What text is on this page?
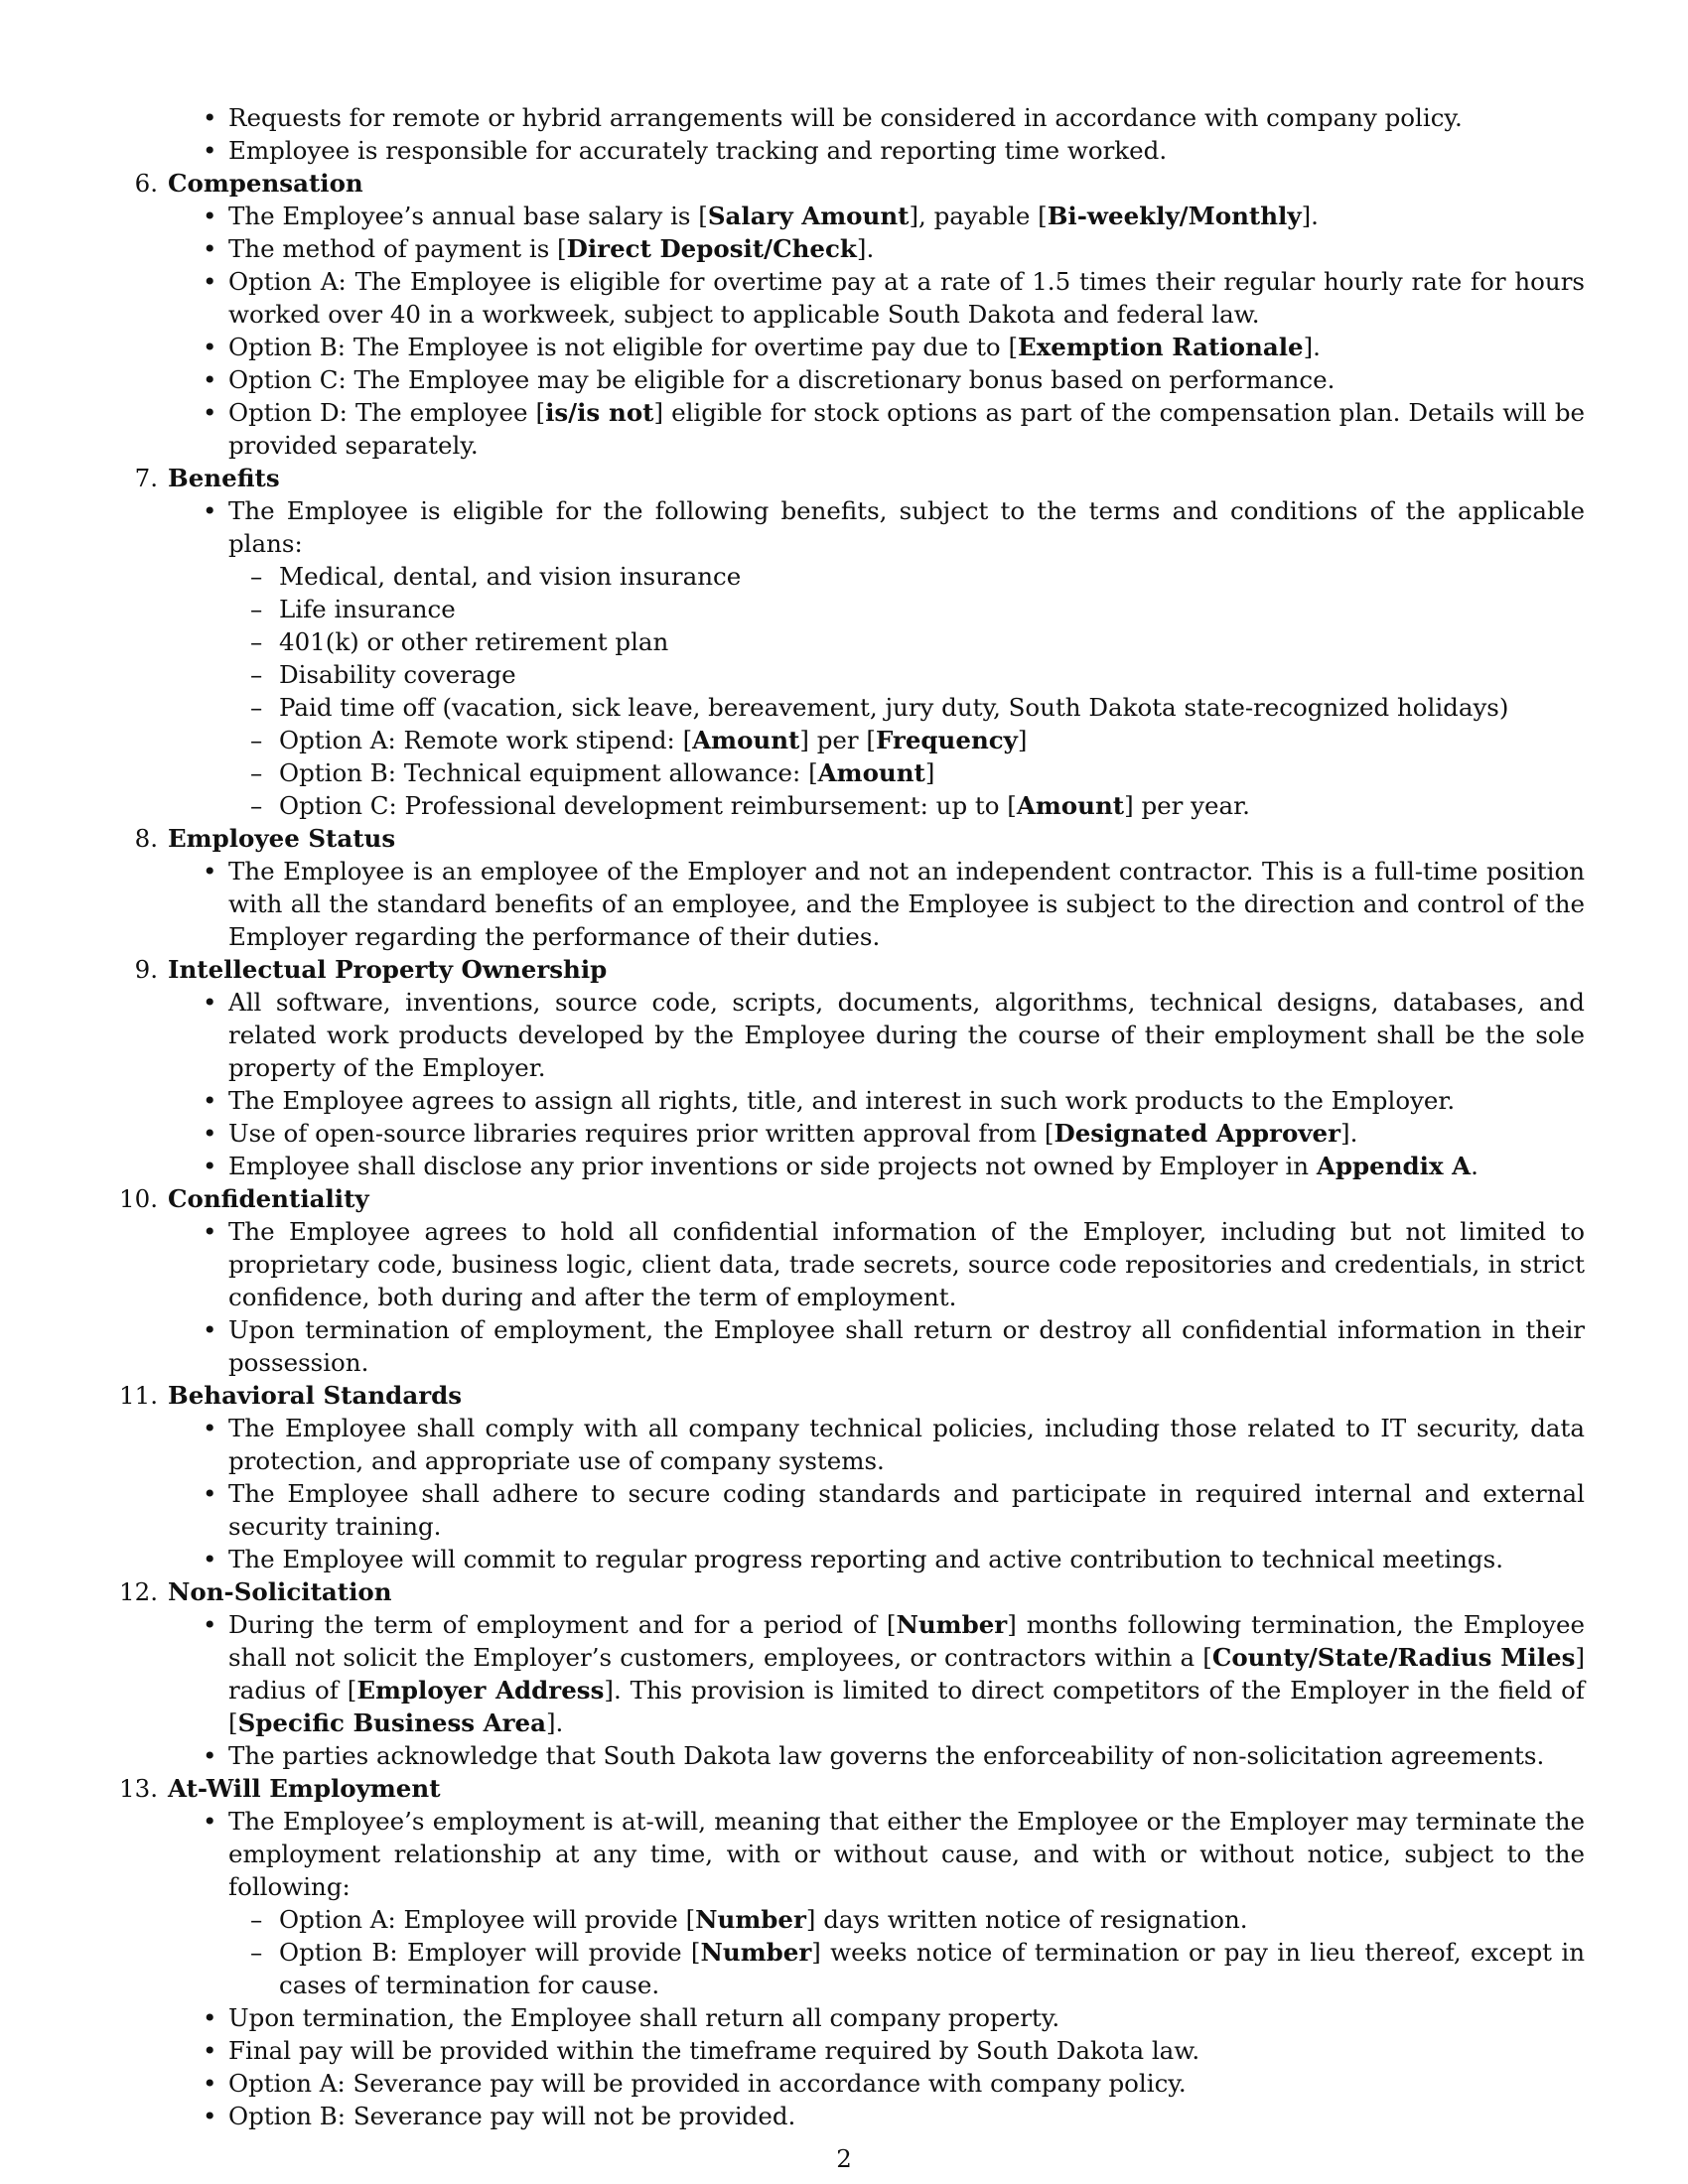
• Requests for remote or hybrid arrangements will be considered in accordance with company policy.
• Employee is responsible for accurately tracking and reporting time worked.
6. Compensation
• The Employee’s annual base salary is [Salary Amount], payable [Bi-weekly/Monthly].
• The method of payment is [Direct Deposit/Check].
• Option A: The Employee is eligible for overtime pay at a rate of 1.5 times their regular hourly rate for hours worked over 40 in a workweek, subject to applicable South Dakota and federal law.
• Option B: The Employee is not eligible for overtime pay due to [Exemption Rationale].
• Option C: The Employee may be eligible for a discretionary bonus based on performance.
• Option D: The employee [is/is not] eligible for stock options as part of the compensation plan. Details will be provided separately.
7. Benefits
• The Employee is eligible for the following benefits, subject to the terms and conditions of the applicable plans:
– Medical, dental, and vision insurance
– Life insurance
– 401(k) or other retirement plan
– Disability coverage
– Paid time off (vacation, sick leave, bereavement, jury duty, South Dakota state-recognized holidays)
– Option A: Remote work stipend: [Amount] per [Frequency]
– Option B: Technical equipment allowance: [Amount]
– Option C: Professional development reimbursement: up to [Amount] per year.
8. Employee Status
• The Employee is an employee of the Employer and not an independent contractor. This is a full-time position with all the standard benefits of an employee, and the Employee is subject to the direction and control of the Employer regarding the performance of their duties.
9. Intellectual Property Ownership
• All software, inventions, source code, scripts, documents, algorithms, technical designs, databases, and related work products developed by the Employee during the course of their employment shall be the sole property of the Employer.
• The Employee agrees to assign all rights, title, and interest in such work products to the Employer.
• Use of open-source libraries requires prior written approval from [Designated Approver].
• Employee shall disclose any prior inventions or side projects not owned by Employer in Appendix A.
10. Confidentiality
• The Employee agrees to hold all confidential information of the Employer, including but not limited to proprietary code, business logic, client data, trade secrets, source code repositories and credentials, in strict confidence, both during and after the term of employment.
• Upon termination of employment, the Employee shall return or destroy all confidential information in their possession.
11. Behavioral Standards
• The Employee shall comply with all company technical policies, including those related to IT security, data protection, and appropriate use of company systems.
• The Employee shall adhere to secure coding standards and participate in required internal and external security training.
• The Employee will commit to regular progress reporting and active contribution to technical meetings.
12. Non-Solicitation
• During the term of employment and for a period of [Number] months following termination, the Employee shall not solicit the Employer’s customers, employees, or contractors within a [County/State/Radius Miles] radius of [Employer Address]. This provision is limited to direct competitors of the Employer in the field of [Specific Business Area].
• The parties acknowledge that South Dakota law governs the enforceability of non-solicitation agreements.
13. At-Will Employment
• The Employee’s employment is at-will, meaning that either the Employee or the Employer may terminate the employment relationship at any time, with or without cause, and with or without notice, subject to the following:
– Option A: Employee will provide [Number] days written notice of resignation.
– Option B: Employer will provide [Number] weeks notice of termination or pay in lieu thereof, except in cases of termination for cause.
• Upon termination, the Employee shall return all company property.
• Final pay will be provided within the timeframe required by South Dakota law.
• Option A: Severance pay will be provided in accordance with company policy.
• Option B: Severance pay will not be provided.
2
